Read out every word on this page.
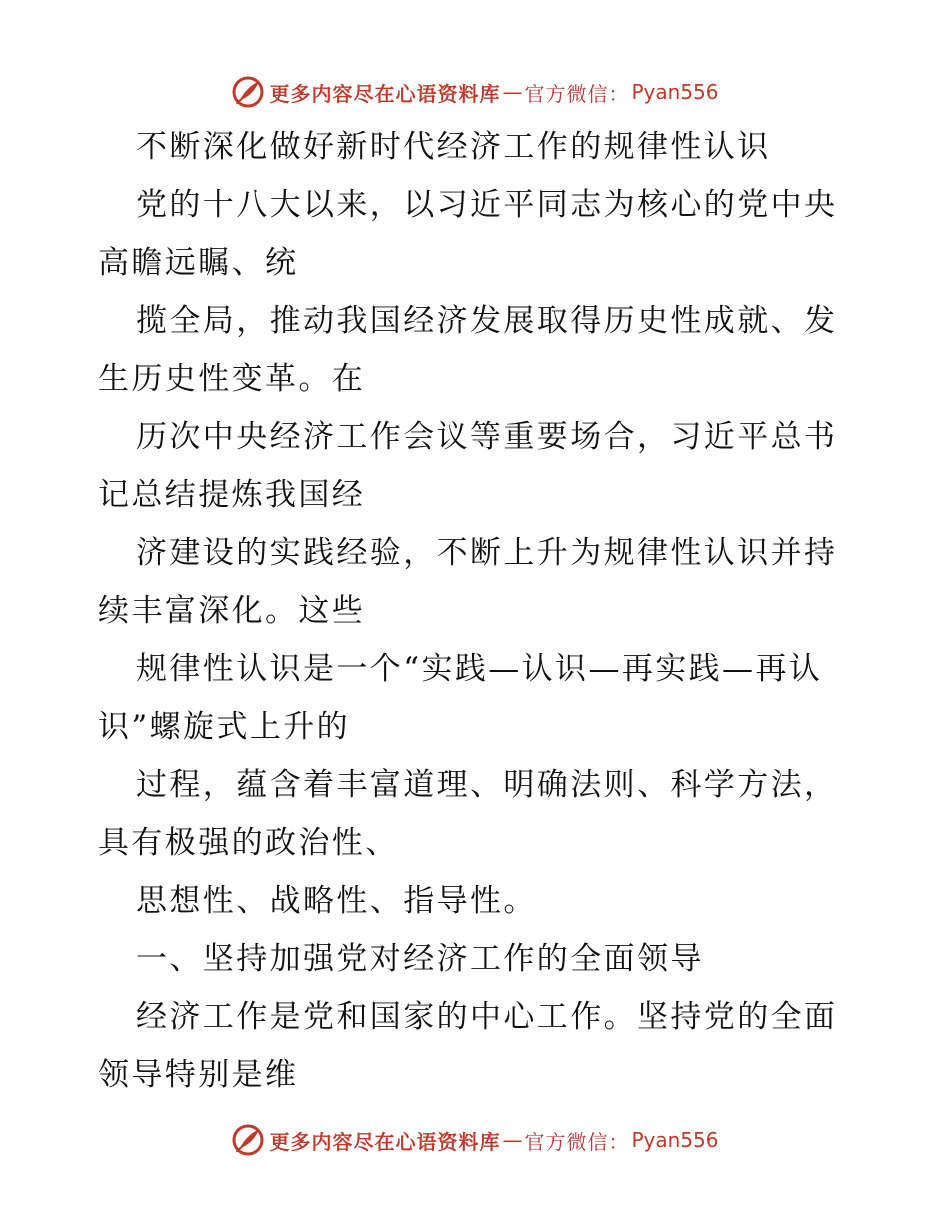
更多内容尽在心语资料库 — 官方微信： Pyan556
不断深化做好新时代经济工作的规律性认识
党的十八大以来，以习近平同志为核心的党中央
高瞻远瞩、统
揽全局，推动我国经济发展取得历史性成就、发
生历史性变革。在
历次中央经济工作会议等重要场合，习近平总书
记总结提炼我国经
济建设的实践经验，不断上升为规律性认识并持
续丰富深化。这些
规律性认识是一个“实践—认识—再实践—再认
识”螺旋式上升的
过程，蕴含着丰富道理、明确法则、科学方法，
具有极强的政治性、
思想性、战略性、指导性。
一、坚持加强党对经济工作的全面领导
经济工作是党和国家的中心工作。坚持党的全面
领导特别是维
更多内容尽在心语资料库 — 官方微信： Pyan556
